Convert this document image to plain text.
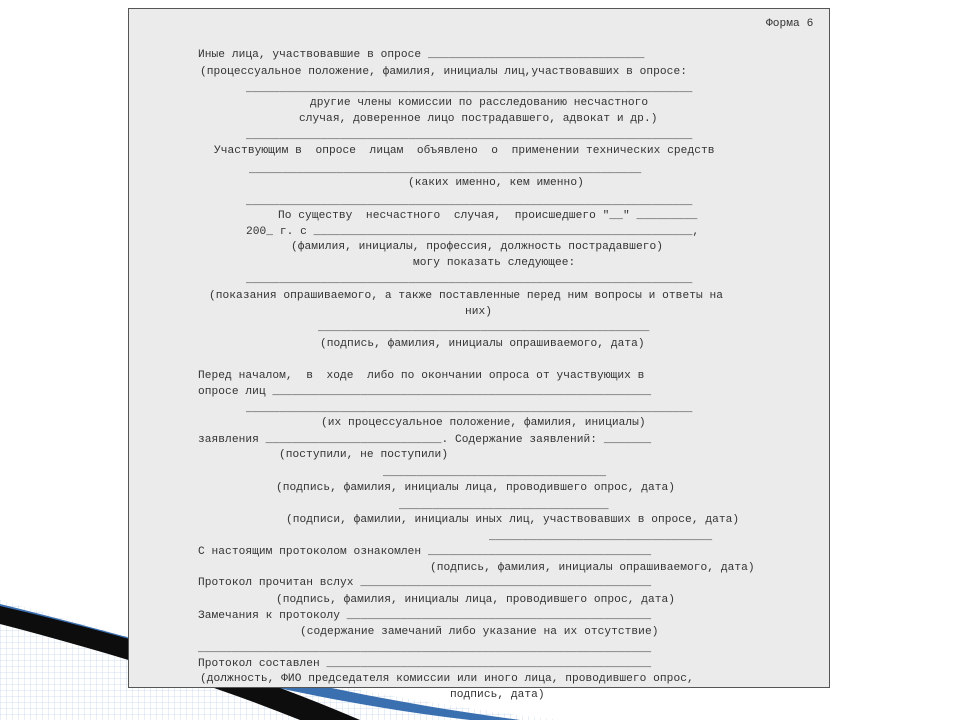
Форма 6
Иные лица, участвовавшие в опросе ________________________________
(процессуальное положение, фамилия, инициалы лиц,участвовавших в опросе:
__________________________________________________________________
другие члены комиссии по расследованию несчастного
случая, доверенное лицо пострадавшего, адвокат и др.)
__________________________________________________________________
Участвующим в  опросе  лицам  объявлено  о  применении технических средств
__________________________________________________________
(каких именно, кем именно)
__________________________________________________________________
По существу  несчастного  случая,  происшедшего "__" _________
200_ г. с ________________________________________________________,
(фамилия, инициалы, профессия, должность пострадавшего)
могу показать следующее:
__________________________________________________________________
(показания опрашиваемого, а также поставленные перед ним вопросы и ответы на
них)
_________________________________________________
(подпись, фамилия, инициалы опрашиваемого, дата)
Перед началом,  в  ходе  либо по окончании опроса от участвующих в
опросе лиц ________________________________________________________
__________________________________________________________________
(их процессуальное положение, фамилия, инициалы)
заявления __________________________. Содержание заявлений: _______
(поступили, не поступили)
_________________________________
(подпись, фамилия, инициалы лица, проводившего опрос, дата)
_______________________________
(подписи, фамилии, инициалы иных лиц, участвовавших в опросе, дата)
_________________________________
С настоящим протоколом ознакомлен _________________________________
(подпись, фамилия, инициалы опрашиваемого, дата)
Протокол прочитан вслух ___________________________________________
(подпись, фамилия, инициалы лица, проводившего опрос, дата)
Замечания к протоколу _____________________________________________
(содержание замечаний либо указание на их отсутствие)
___________________________________________________________________
Протокол составлен ________________________________________________
(должность, ФИО председателя комиссии или иного лица, проводившего опрос,
подпись, дата)
